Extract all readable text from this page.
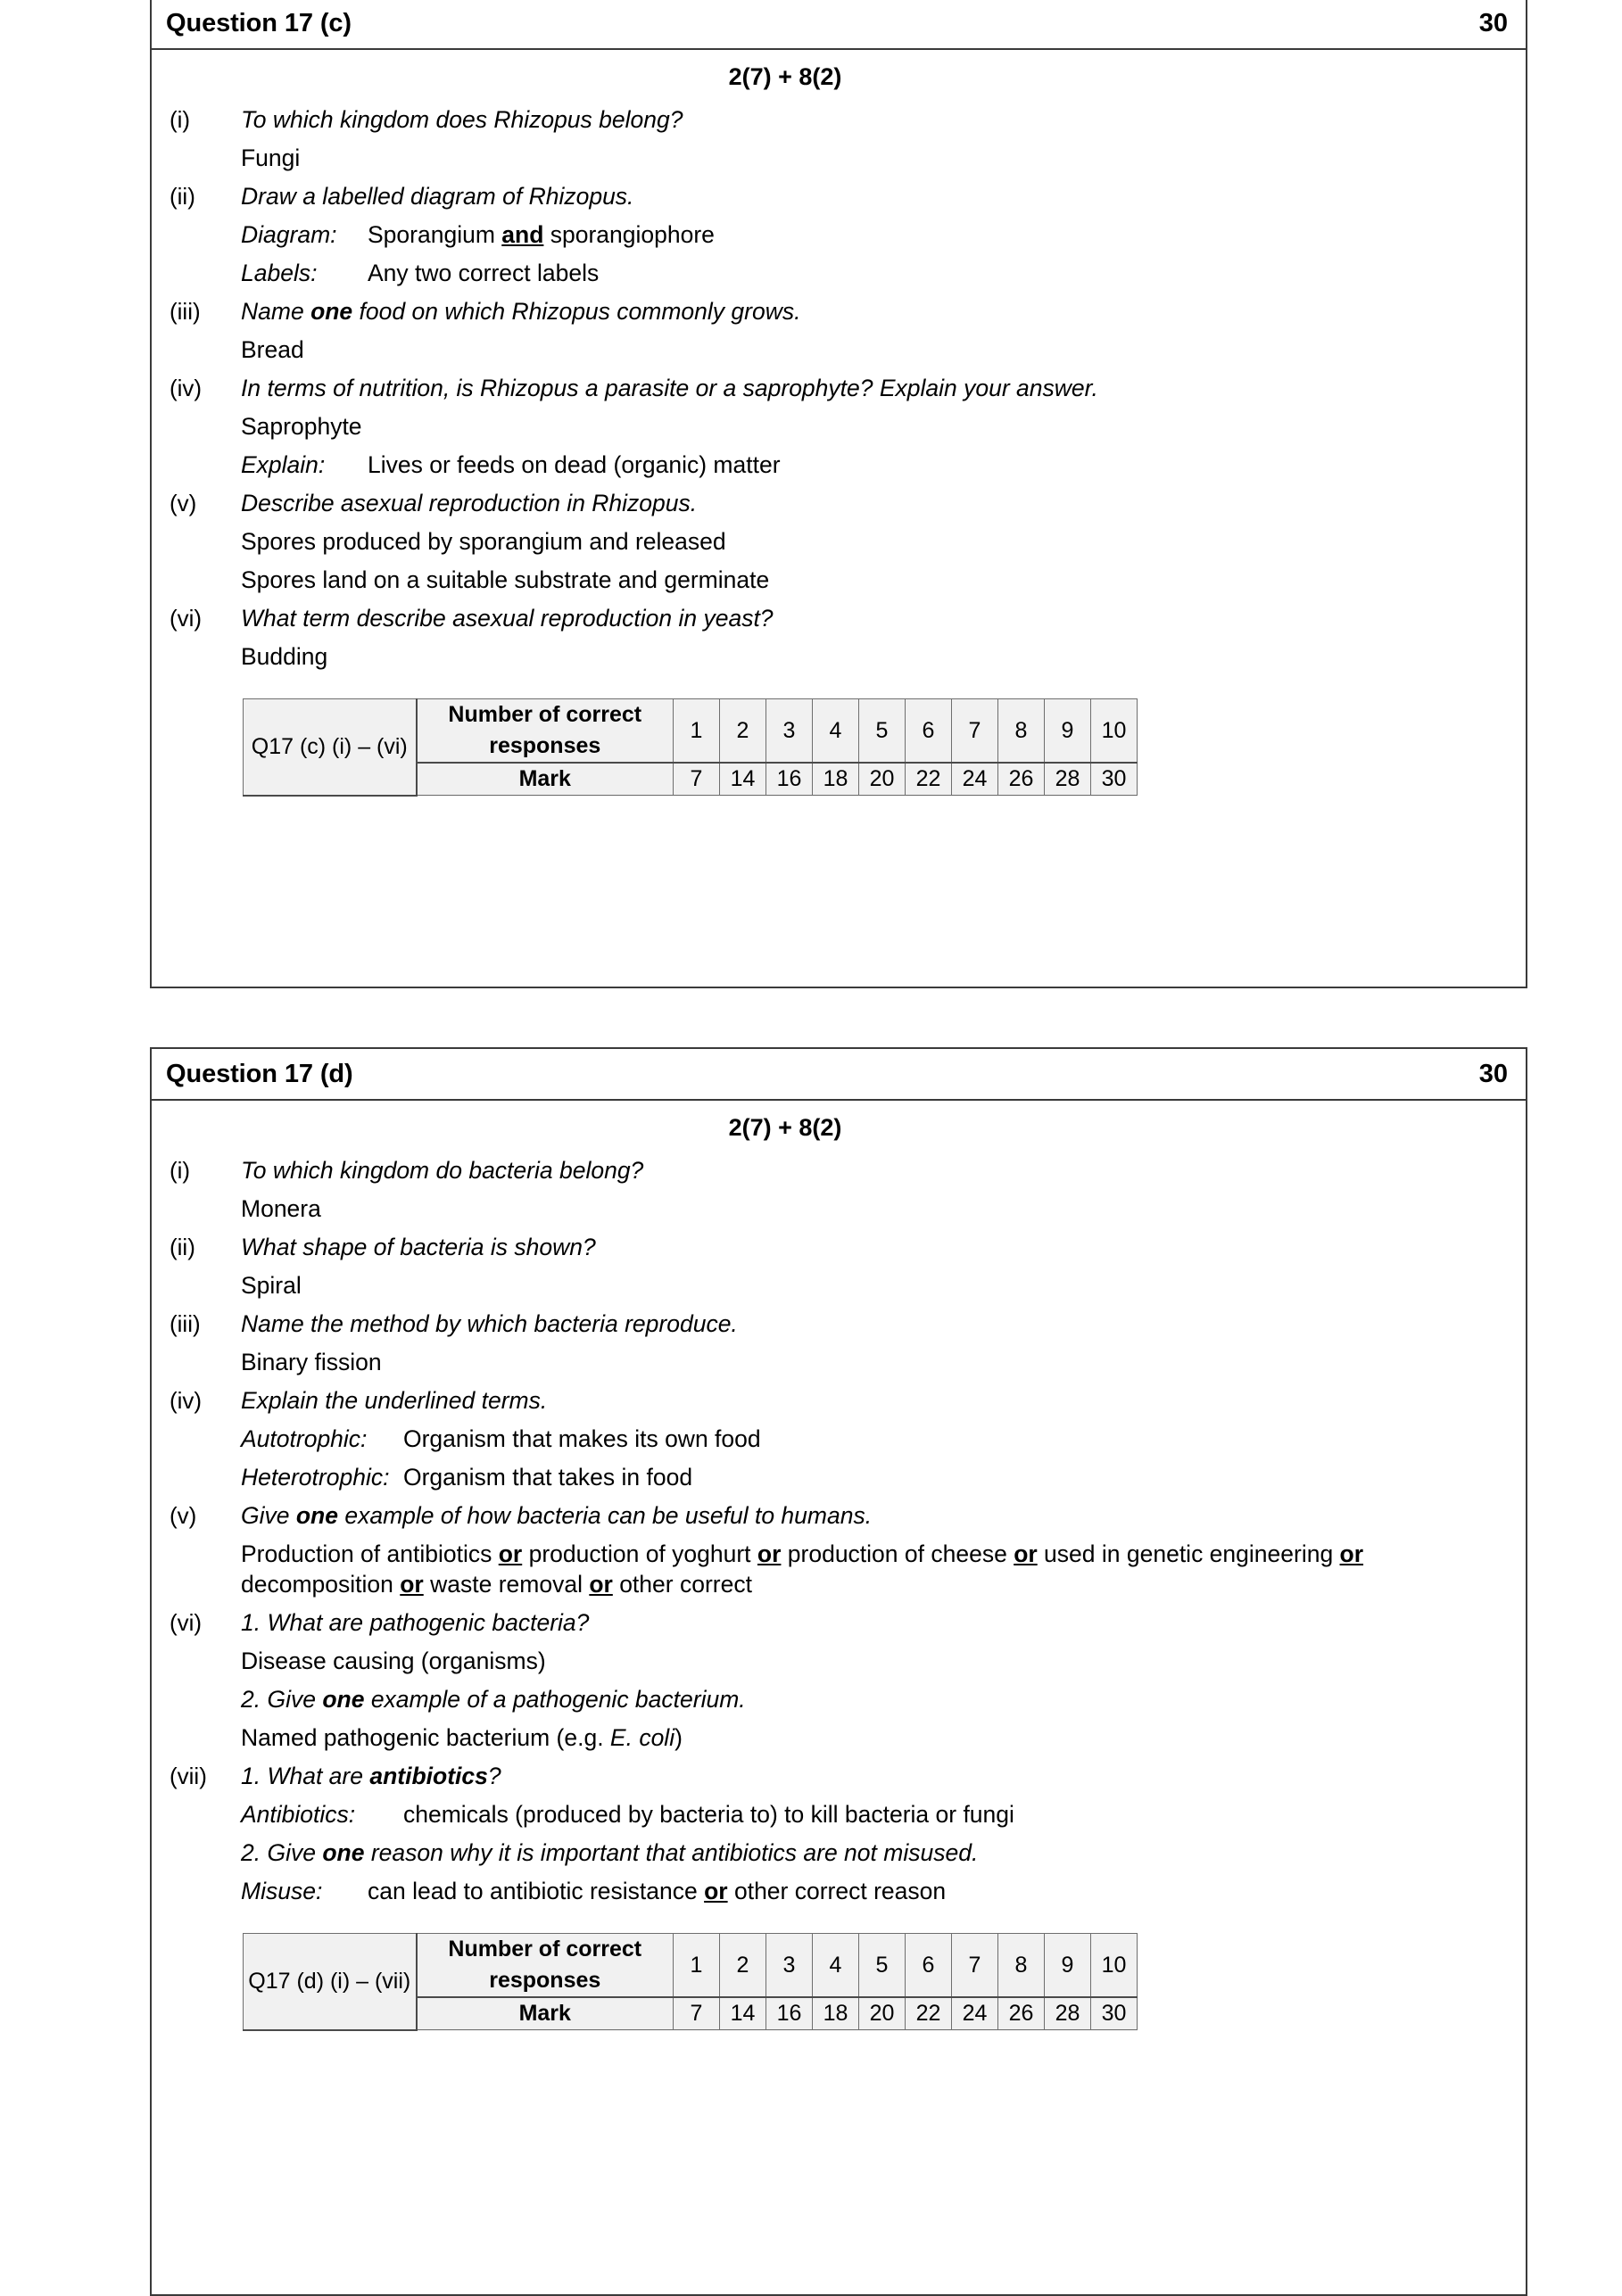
Question 17 (c)	30
2(7) + 8(2)
(i)	To which kingdom does Rhizopus belong?
Fungi
(ii)	Draw a labelled diagram of Rhizopus.
Diagram: Sporangium and sporangiophore
Labels: Any two correct labels
(iii)	Name one food on which Rhizopus commonly grows.
Bread
(iv)	In terms of nutrition, is Rhizopus a parasite or a saprophyte? Explain your answer.
Saprophyte
Explain: Lives or feeds on dead (organic) matter
(v)	Describe asexual reproduction in Rhizopus.
Spores produced by sporangium and released
Spores land on a suitable substrate and germinate
(vi)	What term describe asexual reproduction in yeast?
Budding
Q17 (c) (i) – (vi)	Number of correct responses	1	2	3	4	5	6	7	8	9	10
	Mark	7	14	16	18	20	22	24	26	28	30
Question 17 (d)	30
2(7) + 8(2)
(i)	To which kingdom do bacteria belong?
Monera
(ii)	What shape of bacteria is shown?
Spiral
(iii)	Name the method by which bacteria reproduce.
Binary fission
(iv)	Explain the underlined terms.
Autotrophic: Organism that makes its own food
Heterotrophic: Organism that takes in food
(v)	Give one example of how bacteria can be useful to humans.
Production of antibiotics or production of yoghurt or production of cheese or used in genetic engineering or decomposition or waste removal or other correct
(vi)	1. What are pathogenic bacteria?
Disease causing (organisms)
2. Give one example of a pathogenic bacterium.
Named pathogenic bacterium (e.g. E. coli)
(vii)	1. What are antibiotics?
Antibiotics: chemicals (produced by bacteria to) to kill bacteria or fungi
2. Give one reason why it is important that antibiotics are not misused.
Misuse: can lead to antibiotic resistance or other correct reason
Q17 (d) (i) – (vii)	Number of correct responses	1	2	3	4	5	6	7	8	9	10
	Mark	7	14	16	18	20	22	24	26	28	30
